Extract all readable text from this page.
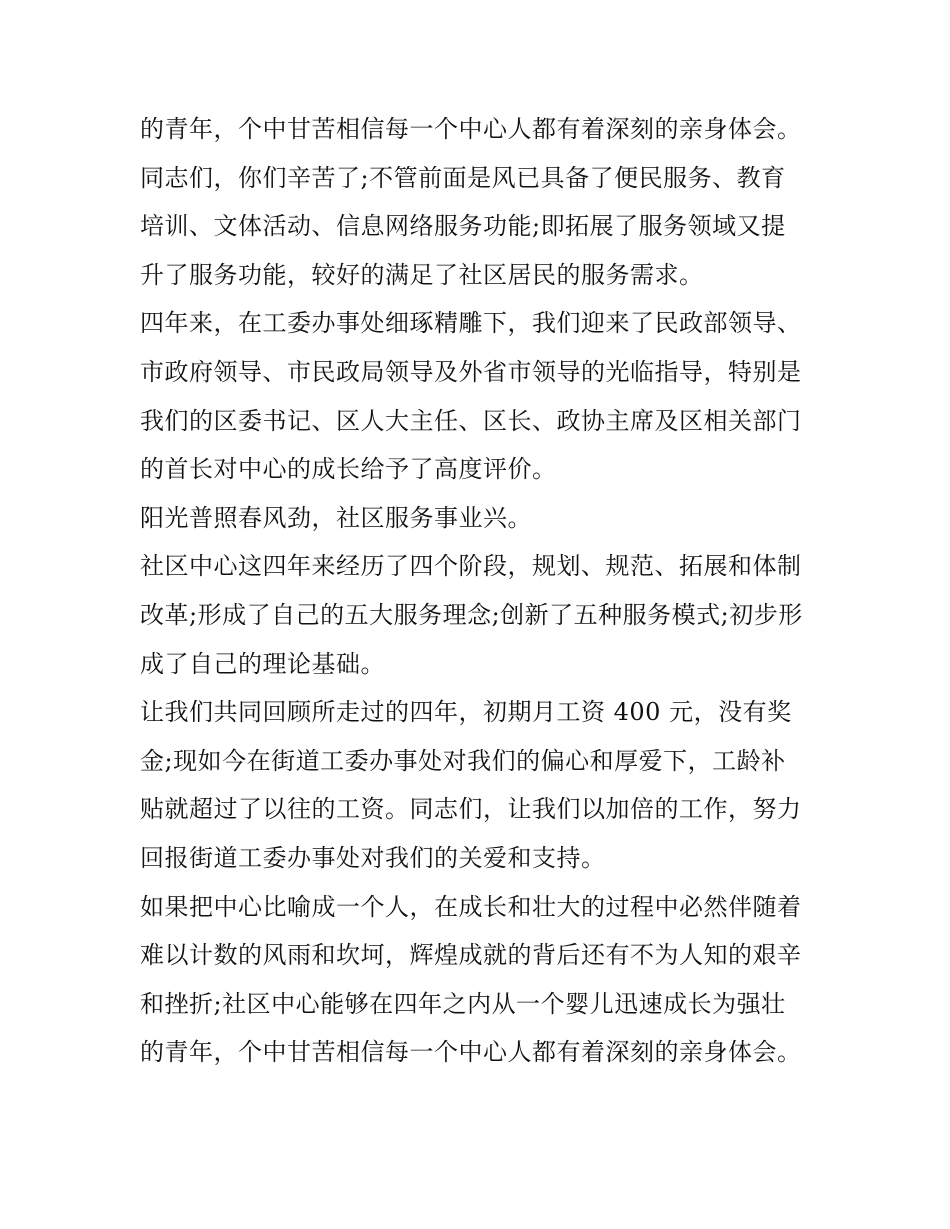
的青年，个中甘苦相信每一个中心人都有着深刻的亲身体会。
同志们，你们辛苦了;不管前面是风已具备了便民服务、教育
培训、文体活动、信息网络服务功能;即拓展了服务领域又提
升了服务功能，较好的满足了社区居民的服务需求。
四年来，在工委办事处细琢精雕下，我们迎来了民政部领导、
市政府领导、市民政局领导及外省市领导的光临指导，特别是
我们的区委书记、区人大主任、区长、政协主席及区相关部门
的首长对中心的成长给予了高度评价。
阳光普照春风劲，社区服务事业兴。
社区中心这四年来经历了四个阶段，规划、规范、拓展和体制
改革;形成了自己的五大服务理念;创新了五种服务模式;初步形
成了自己的理论基础。
让我们共同回顾所走过的四年，初期月工资 400 元，没有奖
金;现如今在街道工委办事处对我们的偏心和厚爱下，工龄补
贴就超过了以往的工资。同志们，让我们以加倍的工作，努力
回报街道工委办事处对我们的关爱和支持。
如果把中心比喻成一个人，在成长和壮大的过程中必然伴随着
难以计数的风雨和坎坷，辉煌成就的背后还有不为人知的艰辛
和挫折;社区中心能够在四年之内从一个婴儿迅速成长为强壮
的青年，个中甘苦相信每一个中心人都有着深刻的亲身体会。
